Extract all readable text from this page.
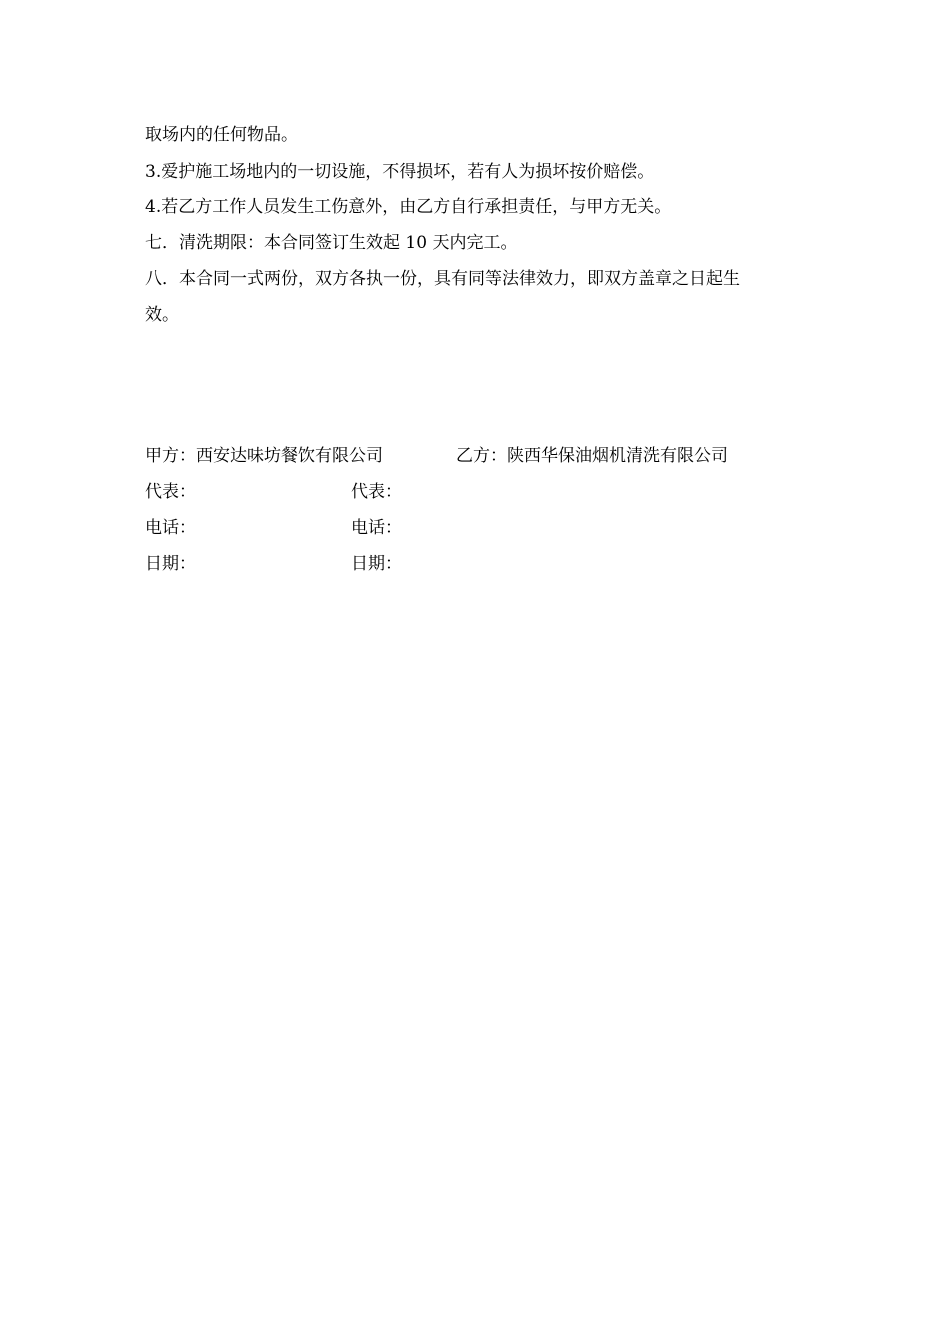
取场内的任何物品。
3.爱护施工场地内的一切设施，不得损坏，若有人为损坏按价赔偿。
4.若乙方工作人员发生工伤意外，由乙方自行承担责任，与甲方无关。
七．清洗期限：本合同签订生效起 10 天内完工。
八．本合同一式两份，双方各执一份，具有同等法律效力，即双方盖章之日起生
效。
甲方：西安达味坊餐饮有限公司	乙方：陕西华保油烟机清洗有限公司
代表：	代表：
电话：	电话：
日期：	日期：
